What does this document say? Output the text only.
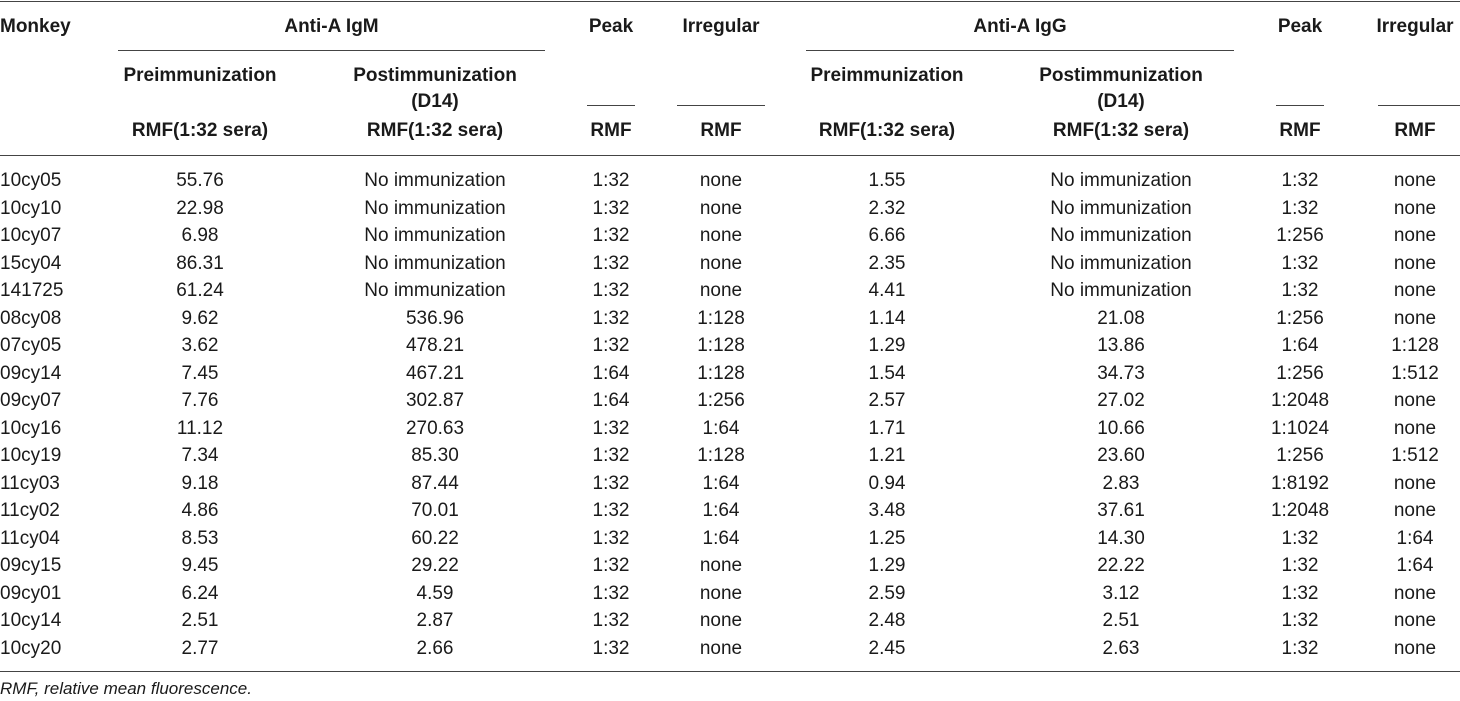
Monkey	Anti-A IgM	Peak	Irregular	Anti-A IgG	Peak	Irregular
Preimmunization	Postimmunization
(D14)
Preimmunization	Postimmunization
(D14)
RMF(1:32 sera)	RMF(1:32 sera)	RMF	RMF	RMF(1:32 sera)	RMF(1:32 sera)	RMF	RMF
10cy05	55.76	No immunization	1:32	none	1.55	No immunization	1:32	none
10cy10	22.98	No immunization	1:32	none	2.32	No immunization	1:32	none
10cy07	6.98	No immunization	1:32	none	6.66	No immunization	1:256	none
15cy04	86.31	No immunization	1:32	none	2.35	No immunization	1:32	none
141725	61.24	No immunization	1:32	none	4.41	No immunization	1:32	none
08cy08	9.62	536.96	1:32	1:128	1.14	21.08	1:256	none
07cy05	3.62	478.21	1:32	1:128	1.29	13.86	1:64	1:128
09cy14	7.45	467.21	1:64	1:128	1.54	34.73	1:256	1:512
09cy07	7.76	302.87	1:64	1:256	2.57	27.02	1:2048	none
10cy16	11.12	270.63	1:32	1:64	1.71	10.66	1:1024	none
10cy19	7.34	85.30	1:32	1:128	1.21	23.60	1:256	1:512
11cy03	9.18	87.44	1:32	1:64	0.94	2.83	1:8192	none
11cy02	4.86	70.01	1:32	1:64	3.48	37.61	1:2048	none
11cy04	8.53	60.22	1:32	1:64	1.25	14.30	1:32	1:64
09cy15	9.45	29.22	1:32	none	1.29	22.22	1:32	1:64
09cy01	6.24	4.59	1:32	none	2.59	3.12	1:32	none
10cy14	2.51	2.87	1:32	none	2.48	2.51	1:32	none
10cy20	2.77	2.66	1:32	none	2.45	2.63	1:32	none
RMF, relative mean fluorescence.
